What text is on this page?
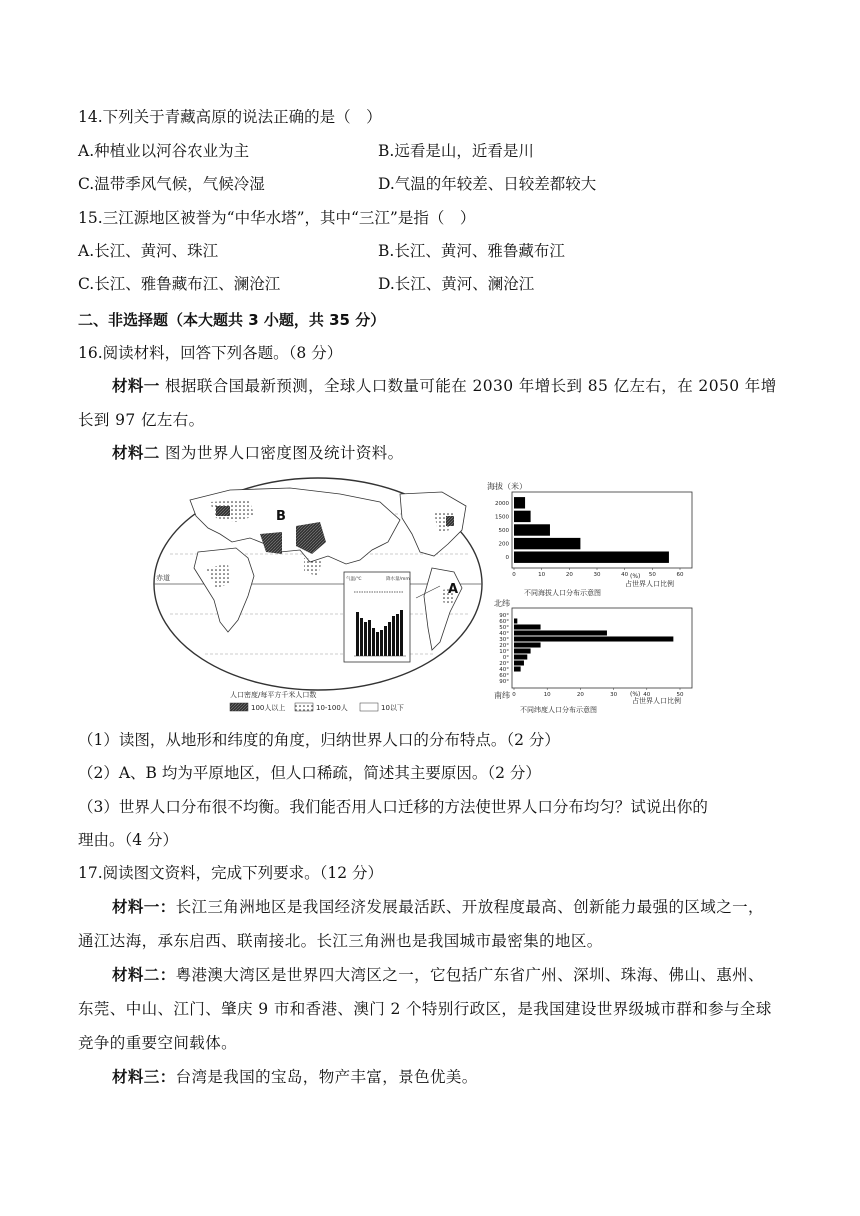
14.下列关于青藏高原的说法正确的是（　）
A.种植业以河谷农业为主	B.远看是山，近看是川
C.温带季风气候，气候冷湿	D.气温的年较差、日较差都较大
15.三江源地区被誉为“中华水塔”，其中“三江”是指（　）
A.长江、黄河、珠江	B.长江、黄河、雅鲁藏布江
C.长江、雅鲁藏布江、澜沧江	D.长江、黄河、澜沧江
二、非选择题（本大题共 3 小题，共 35 分）
16.阅读材料，回答下列各题。（8 分）
材料一 根据联合国最新预测，全球人口数量可能在 2030 年增长到 85 亿左右，在 2050 年增长到 97 亿左右。
材料二 图为世界人口密度图及统计资料。
赤道
B
A
气温/℃	降水量/mm
人口密度/每平方千米人口数
100人以上	10-100人	10以下
海拔（米）
0
200
500
1500
2000
0	10	20	30	40	50	60
(%)
占世界人口比例
不同海拔人口分布示意图
北纬
90°
60°
50°
40°
30°
20°
10°
0°
20°
40°
60°
90°
0	10	20	30	40	50
南纬	(%)
占世界人口比例
不同纬度人口分布示意图
（1）读图，从地形和纬度的角度，归纳世界人口的分布特点。（2 分）
（2）A、B 均为平原地区，但人口稀疏，简述其主要原因。（2 分）
（3）世界人口分布很不均衡。我们能否用人口迁移的方法使世界人口分布均匀？试说出你的
理由。（4 分）
17.阅读图文资料，完成下列要求。（12 分）
材料一：长江三角洲地区是我国经济发展最活跃、开放程度最高、创新能力最强的区域之一，通江达海，承东启西、联南接北。长江三角洲也是我国城市最密集的地区。
材料二：粤港澳大湾区是世界四大湾区之一，它包括广东省广州、深圳、珠海、佛山、惠州、东莞、中山、江门、肇庆 9 市和香港、澳门 2 个特别行政区，是我国建设世界级城市群和参与全球竞争的重要空间载体。
材料三：台湾是我国的宝岛，物产丰富，景色优美。
